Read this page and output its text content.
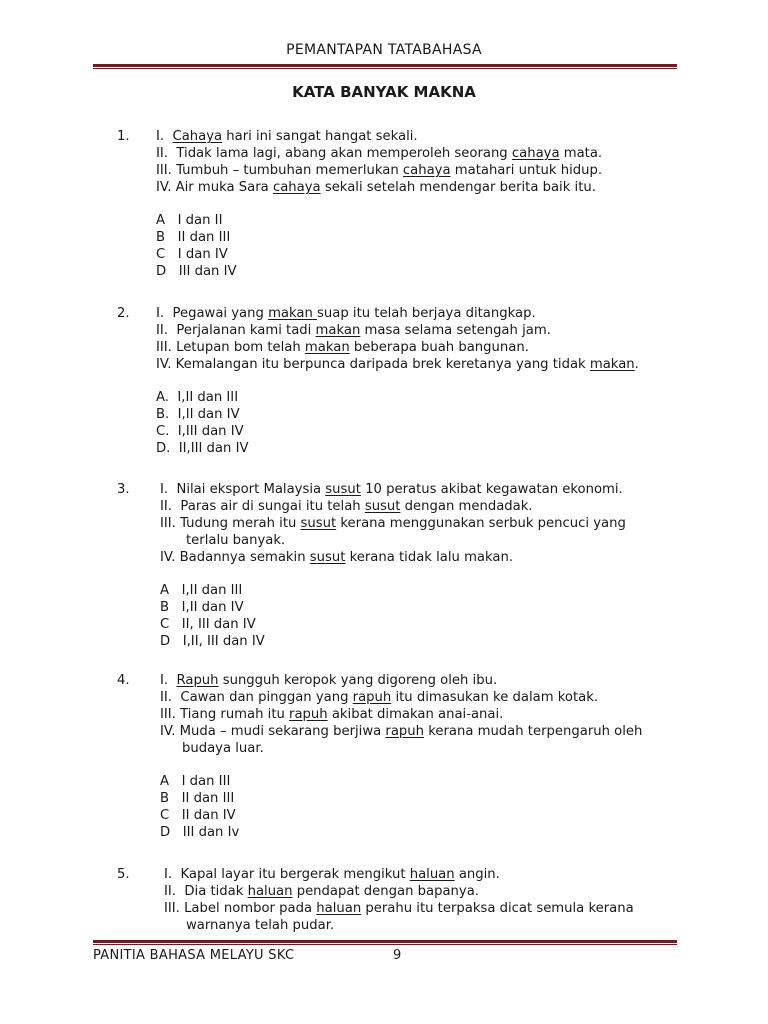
PEMANTAPAN TATABAHASA
KATA BANYAK MAKNA
1. I. Cahaya hari ini sangat hangat sekali.
II. Tidak lama lagi, abang akan memperoleh seorang cahaya mata.
III. Tumbuh – tumbuhan memerlukan cahaya matahari untuk hidup.
IV. Air muka Sara cahaya sekali setelah mendengar berita baik itu.
A   I dan II
B   II dan III
C   I dan IV
D   III dan IV
2. I. Pegawai yang makan suap itu telah berjaya ditangkap.
II. Perjalanan kami tadi makan masa selama setengah jam.
III. Letupan bom telah makan beberapa buah bangunan.
IV. Kemalangan itu berpunca daripada brek keretanya yang tidak makan.
A.  I,II dan III
B.  I,II dan IV
C.  I,III dan IV
D.  II,III dan IV
3. I. Nilai eksport Malaysia susut 10 peratus akibat kegawatan ekonomi.
II. Paras air di sungai itu telah susut dengan mendadak.
III. Tudung merah itu susut kerana menggunakan serbuk pencuci yang
terlalu banyak.
IV. Badannya semakin susut kerana tidak lalu makan.
A   I,II dan III
B   I,II dan IV
C   II, III dan IV
D   I,II, III dan IV
4. I. Rapuh sungguh keropok yang digoreng oleh ibu.
II. Cawan dan pinggan yang rapuh itu dimasukan ke dalam kotak.
III. Tiang rumah itu rapuh akibat dimakan anai-anai.
IV. Muda – mudi sekarang berjiwa rapuh kerana mudah terpengaruh oleh
budaya luar.
A   I dan III
B   II dan III
C   II dan IV
D   III dan Iv
5.	I. Kapal layar itu bergerak mengikut haluan angin.
II. Dia tidak haluan pendapat dengan bapanya.
III. Label nombor pada haluan perahu itu terpaksa dicat semula kerana
warnanya telah pudar.
PANITIA BAHASA MELAYU SKC	9
